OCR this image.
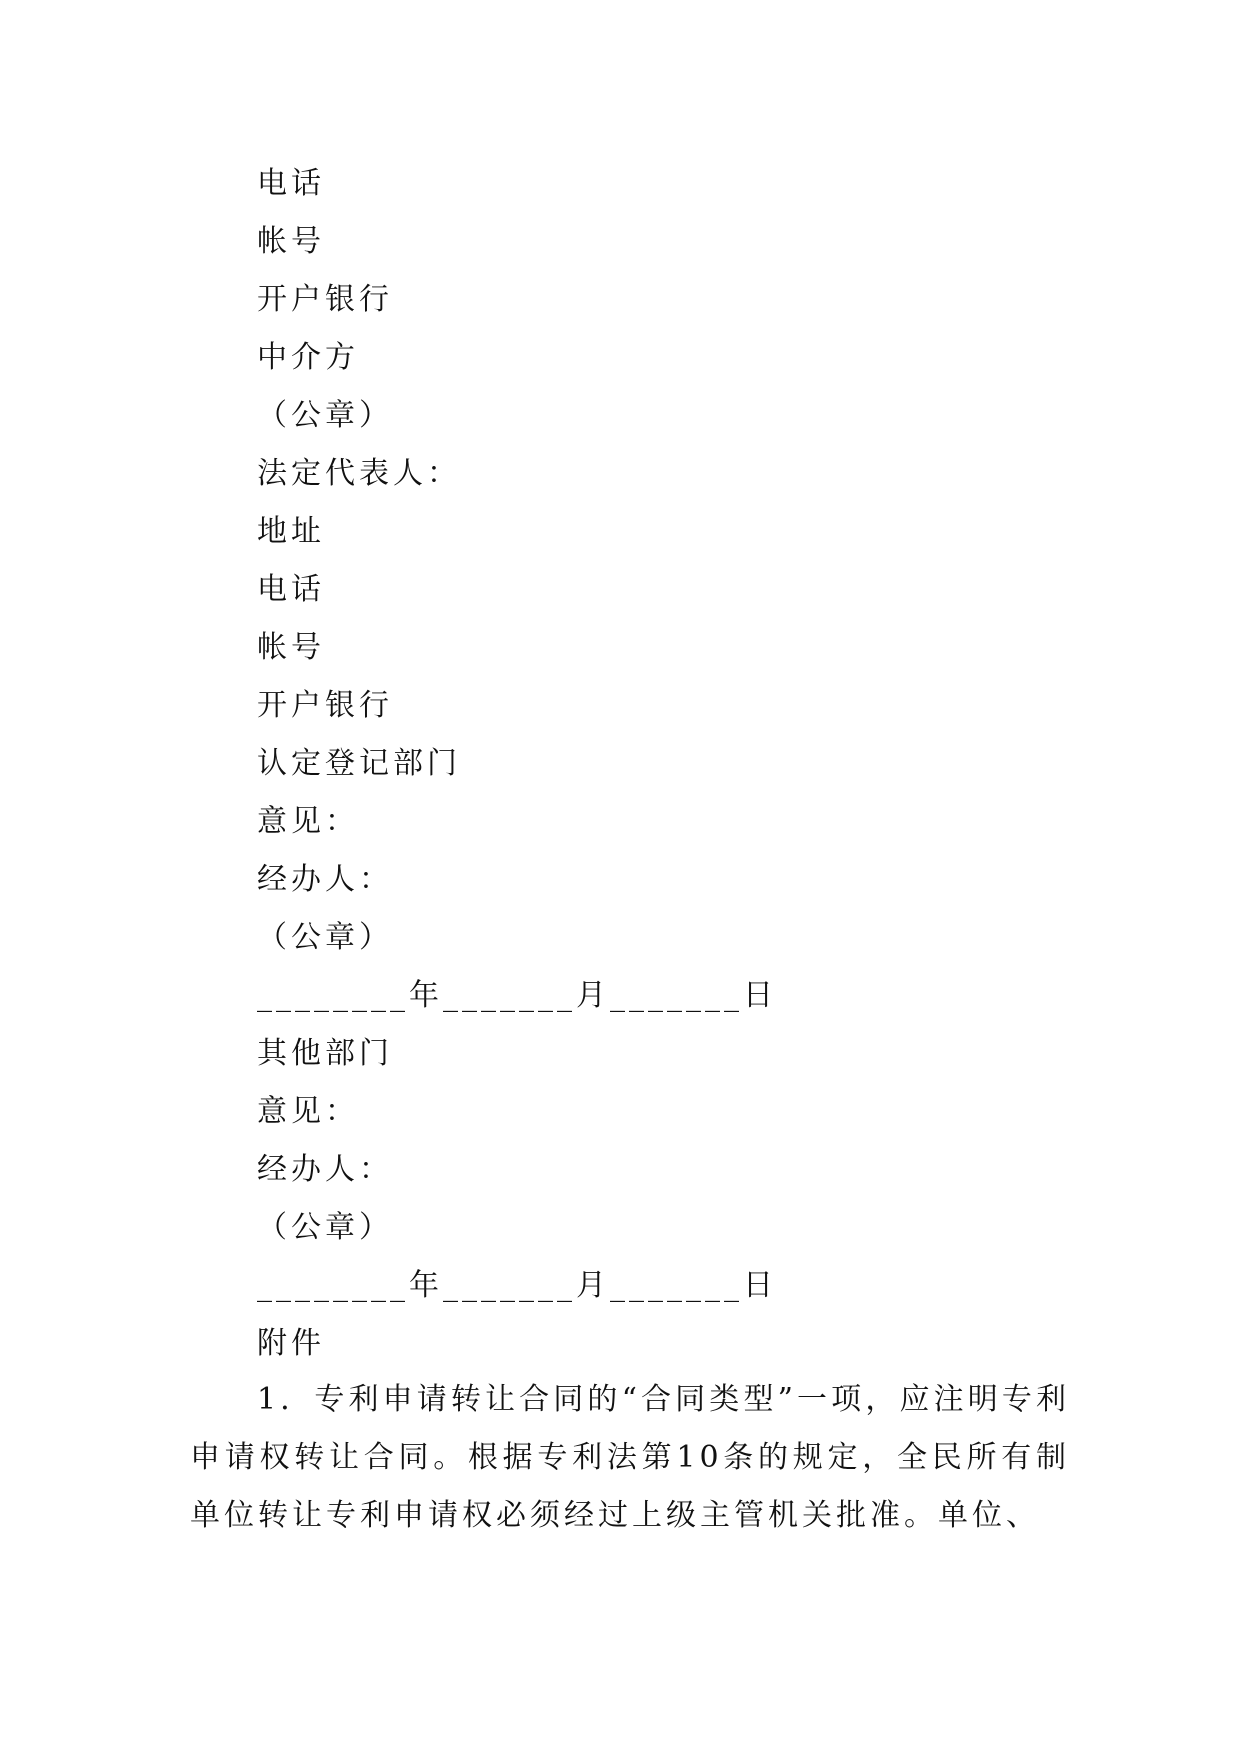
电话
帐号
开户银行
中介方
（公章）
法定代表人：
地址
电话
帐号
开户银行
认定登记部门
意见：
经办人：
（公章）
________年_______月_______日
其他部门
意见：
经办人：
（公章）
________年_______月_______日
附件
1．专利申请转让合同的“合同类型”一项，应注明专利申请权转让合同。根据专利法第10条的规定，全民所有制单位转让专利申请权必须经过上级主管机关批准。单位、
